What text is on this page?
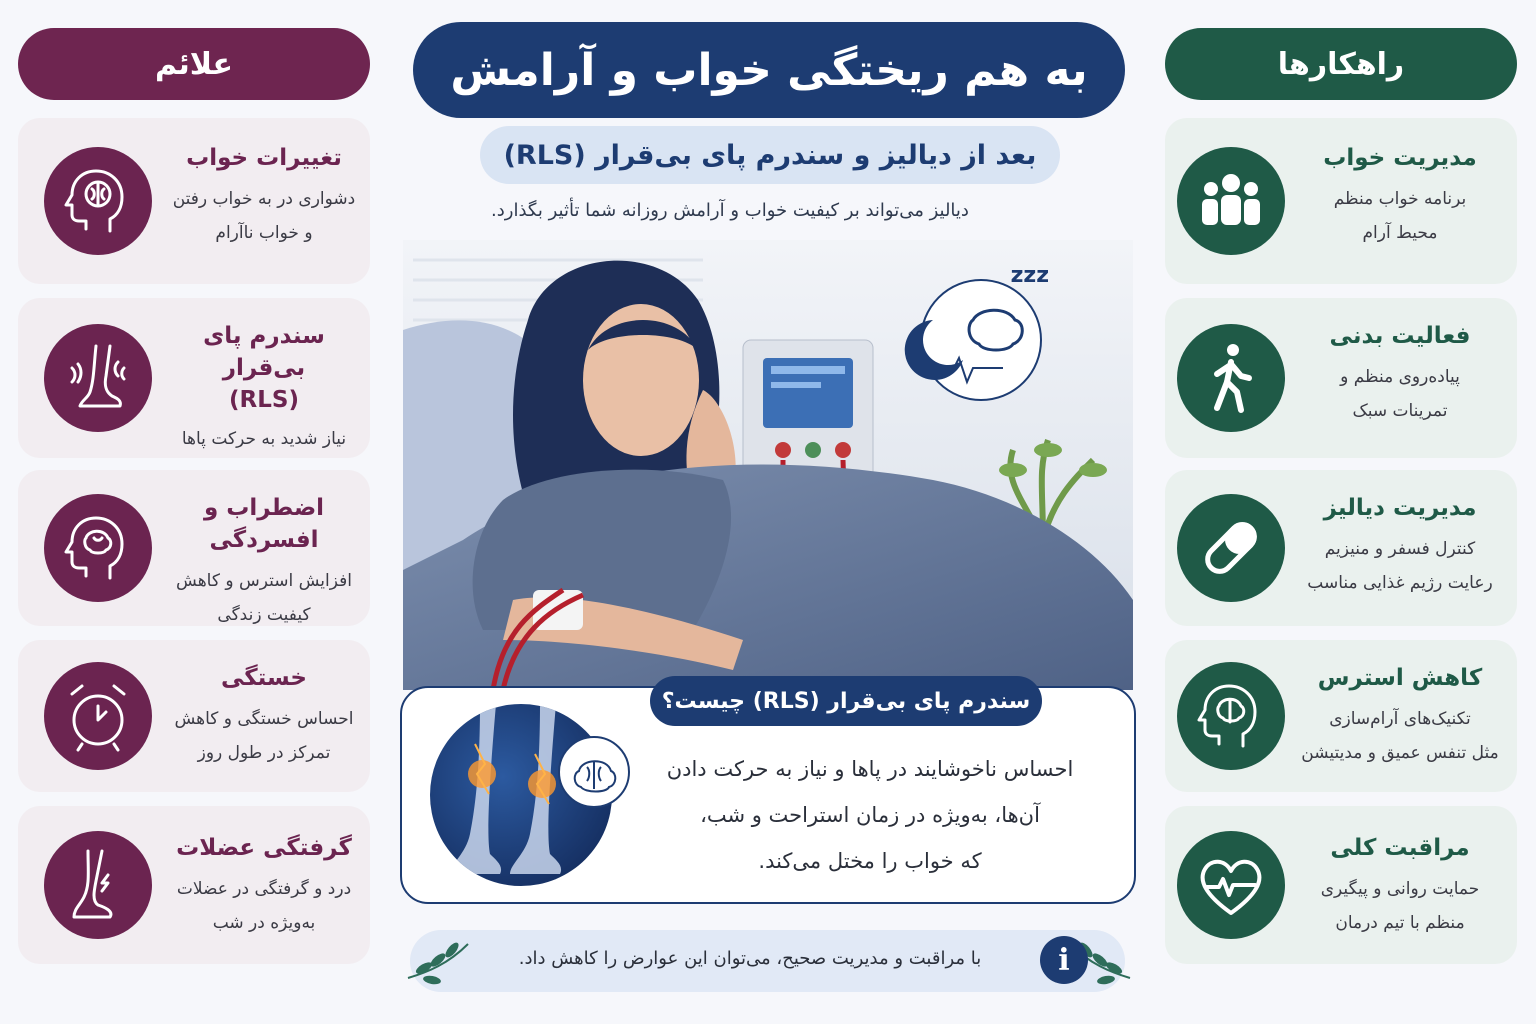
علائم
تغییرات خواب
دشواری در به خواب رفتن
و خواب ناآرام
سندرم پای بی‌قرار
(RLS)
نیاز شدید به حرکت پاها
اضطراب و افسردگی
افزایش استرس و کاهش
کیفیت زندگی
خستگی
احساس خستگی و کاهش
تمرکز در طول روز
گرفتگی عضلات
درد و گرفتگی در عضلات
به‌ویژه در شب
راهکارها
مدیریت خواب
برنامه خواب منظم
محیط آرام
فعالیت بدنی
پیاده‌روی منظم و
تمرینات سبک
مدیریت دیالیز
کنترل فسفر و منیزیم
رعایت رژیم غذایی مناسب
کاهش استرس
تکنیک‌های آرام‌سازی
مثل تنفس عمیق و مدیتیشن
مراقبت کلی
حمایت روانی و پیگیری
منظم با تیم درمان
به هم ریختگی خواب و آرامش
بعد از دیالیز و سندرم پای بی‌قرار (RLS)
دیالیز می‌تواند بر کیفیت خواب و آرامش روزانه شما تأثیر بگذارد.
zzz
سندرم پای بی‌قرار (RLS) چیست؟
احساس ناخوشایند در پاها و نیاز به حرکت دادن
آن‌ها، به‌ویژه در زمان استراحت و شب،
که خواب را مختل می‌کند.
i
با مراقبت و مدیریت صحیح، می‌توان این عوارض را کاهش داد.
